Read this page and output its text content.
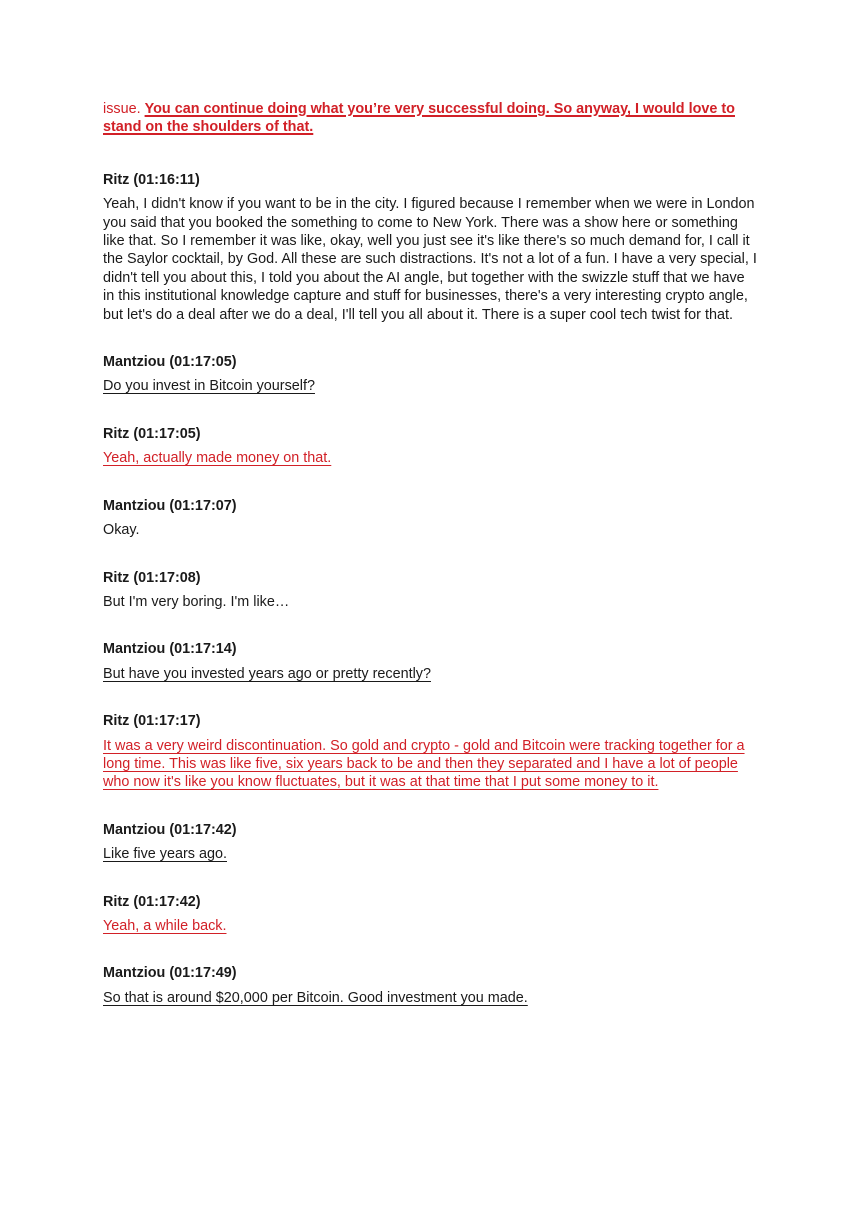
issue. You can continue doing what you’re very successful doing. So anyway, I would love to stand on the shoulders of that.

Ritz (01:16:11)

Yeah, I didn't know if you want to be in the city. I figured because I remember when we were in London you said that you booked the something to come to New York. There was a show here or something like that. So I remember it was like, okay, well you just see it's like there's so much demand for, I call it the Saylor cocktail, by God. All these are such distractions. It's not a lot of a fun. I have a very special, I didn't tell you about this, I told you about the AI angle, but together with the swizzle stuff that we have in this institutional knowledge capture and stuff for businesses, there's a very interesting crypto angle, but let's do a deal after we do a deal, I'll tell you all about it. There is a super cool tech twist for that.

Mantziou (01:17:05)

Do you invest in Bitcoin yourself?

Ritz (01:17:05)

Yeah, actually made money on that.

Mantziou (01:17:07)

Okay.

Ritz (01:17:08)

But I'm very boring. I'm like…

Mantziou (01:17:14)

But have you invested years ago or pretty recently?

Ritz (01:17:17)

It was a very weird discontinuation. So gold and crypto - gold and Bitcoin were tracking together for a long time. This was like five, six years back to be and then they separated and I have a lot of people who now it's like you know fluctuates, but it was at that time that I put some money to it.

Mantziou (01:17:42)

Like five years ago.

Ritz (01:17:42)

Yeah, a while back.

Mantziou (01:17:49)

So that is around $20,000 per Bitcoin. Good investment you made.
